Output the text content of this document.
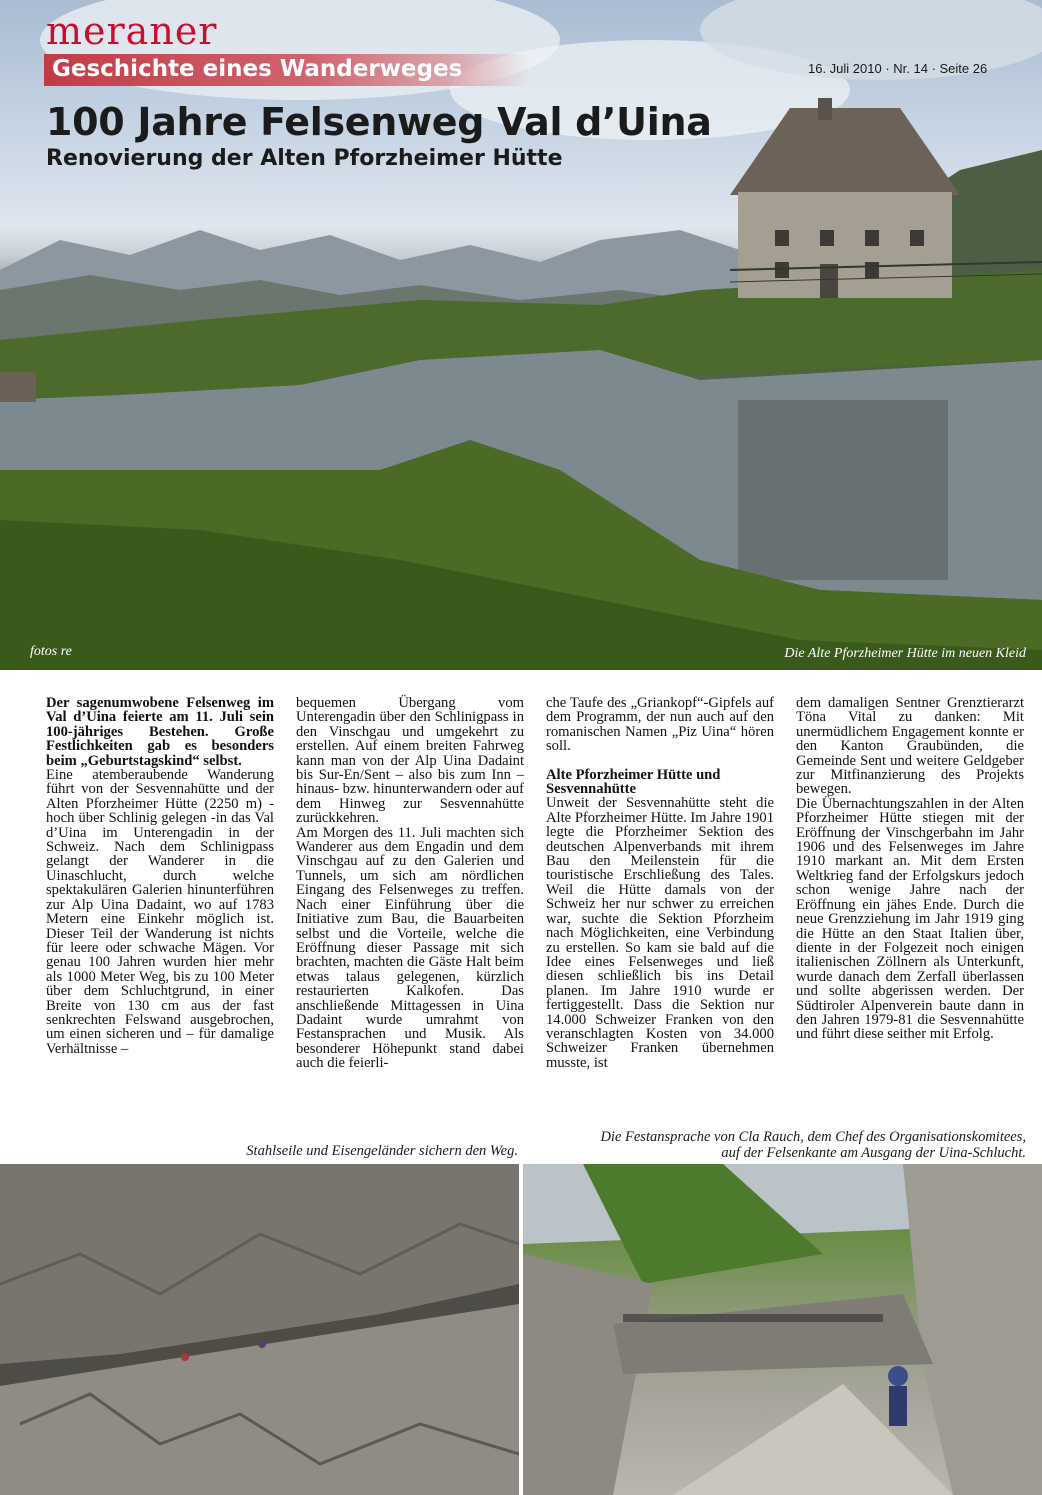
meraner
Geschichte eines Wanderweges	16. Juli 2010 · Nr. 14 · Seite 26
100 Jahre Felsenweg Val d’Uina
Renovierung der Alten Pforzheimer Hütte
fotos re	Die Alte Pforzheimer Hütte im neuen Kleid

Der sagenumwobene Felsenweg im Val d’Uina feierte am 11. Juli sein 100-jähriges Bestehen. Große Festlichkeiten gab es besonders beim „Geburtstagskind“ selbst.

Eine atemberaubende Wanderung führt von der Sesvennahütte und der Alten Pforzheimer Hütte (2250 m) - hoch über Schlinig gelegen -in das Val d’Uina im Unterengadin in der Schweiz. Nach dem Schlinigpass gelangt der Wanderer in die Uinaschlucht, durch welche spektakulären Galerien hinunterführen zur Alp Uina Dadaint, wo auf 1783 Metern eine Einkehr möglich ist. Dieser Teil der Wanderung ist nichts für leere oder schwache Mägen. Vor genau 100 Jahren wurden hier mehr als 1000 Meter Weg, bis zu 100 Meter über dem Schluchtgrund, in einer Breite von 130 cm aus der fast senkrechten Felswand ausgebrochen, um einen sicheren und – für damalige Verhältnisse –

bequemen Übergang vom Unterengadin über den Schlinigpass in den Vinschgau und umgekehrt zu erstellen. Auf einem breiten Fahrweg kann man von der Alp Uina Dadaint bis Sur-En/Sent – also bis zum Inn – hinaus- bzw. hinunterwandern oder auf dem Hinweg zur Sesvennahütte zurückkehren.

Am Morgen des 11. Juli machten sich Wanderer aus dem Engadin und dem Vinschgau auf zu den Galerien und Tunnels, um sich am nördlichen Eingang des Felsenweges zu treffen. Nach einer Einführung über die Initiative zum Bau, die Bauarbeiten selbst und die Vorteile, welche die Eröffnung dieser Passage mit sich brachten, machten die Gäste Halt beim etwas talaus gelegenen, kürzlich restaurierten Kalkofen. Das anschließende Mittagessen in Uina Dadaint wurde umrahmt von Festansprachen und Musik. Als besonderer Höhepunkt stand dabei auch die feierli-

che Taufe des „Griankopf“-Gipfels auf dem Programm, der nun auch auf den romanischen Namen „Piz Uina“ hören soll.

Alte Pforzheimer Hütte und Sesvennahütte

Unweit der Sesvennahütte steht die Alte Pforzheimer Hütte. Im Jahre 1901 legte die Pforzheimer Sektion des deutschen Alpenverbands mit ihrem Bau den Meilenstein für die touristische Erschließung des Tales. Weil die Hütte damals von der Schweiz her nur schwer zu erreichen war, suchte die Sektion Pforzheim nach Möglichkeiten, eine Verbindung zu erstellen. So kam sie bald auf die Idee eines Felsenweges und ließ diesen schließlich bis ins Detail planen. Im Jahre 1910 wurde er fertiggestellt. Dass die Sektion nur 14.000 Schweizer Franken von den veranschlagten Kosten von 34.000 Schweizer Franken übernehmen musste, ist

dem damaligen Sentner Grenztierarzt Töna Vital zu danken: Mit unermüdlichem Engagement konnte er den Kanton Graubünden, die Gemeinde Sent und weitere Geldgeber zur Mitfinanzierung des Projekts bewegen.

Die Übernachtungszahlen in der Alten Pforzheimer Hütte stiegen mit der Eröffnung der Vinschgerbahn im Jahr 1906 und des Felsenweges im Jahre 1910 markant an. Mit dem Ersten Weltkrieg fand der Erfolgskurs jedoch schon wenige Jahre nach der Eröffnung ein jähes Ende. Durch die neue Grenzziehung im Jahr 1919 ging die Hütte an den Staat Italien über, diente in der Folgezeit noch einigen italienischen Zöllnern als Unterkunft, wurde danach dem Zerfall überlassen und sollte abgerissen werden. Der Südtiroler Alpenverein baute dann in den Jahren 1979-81 die Sesvennahütte und führt diese seither mit Erfolg.

Stahlseile und Eisengeländer sichern den Weg.
Die Festansprache von Cla Rauch, dem Chef des Organisationskomitees,
auf der Felsenkante am Ausgang der Uina-Schlucht.
